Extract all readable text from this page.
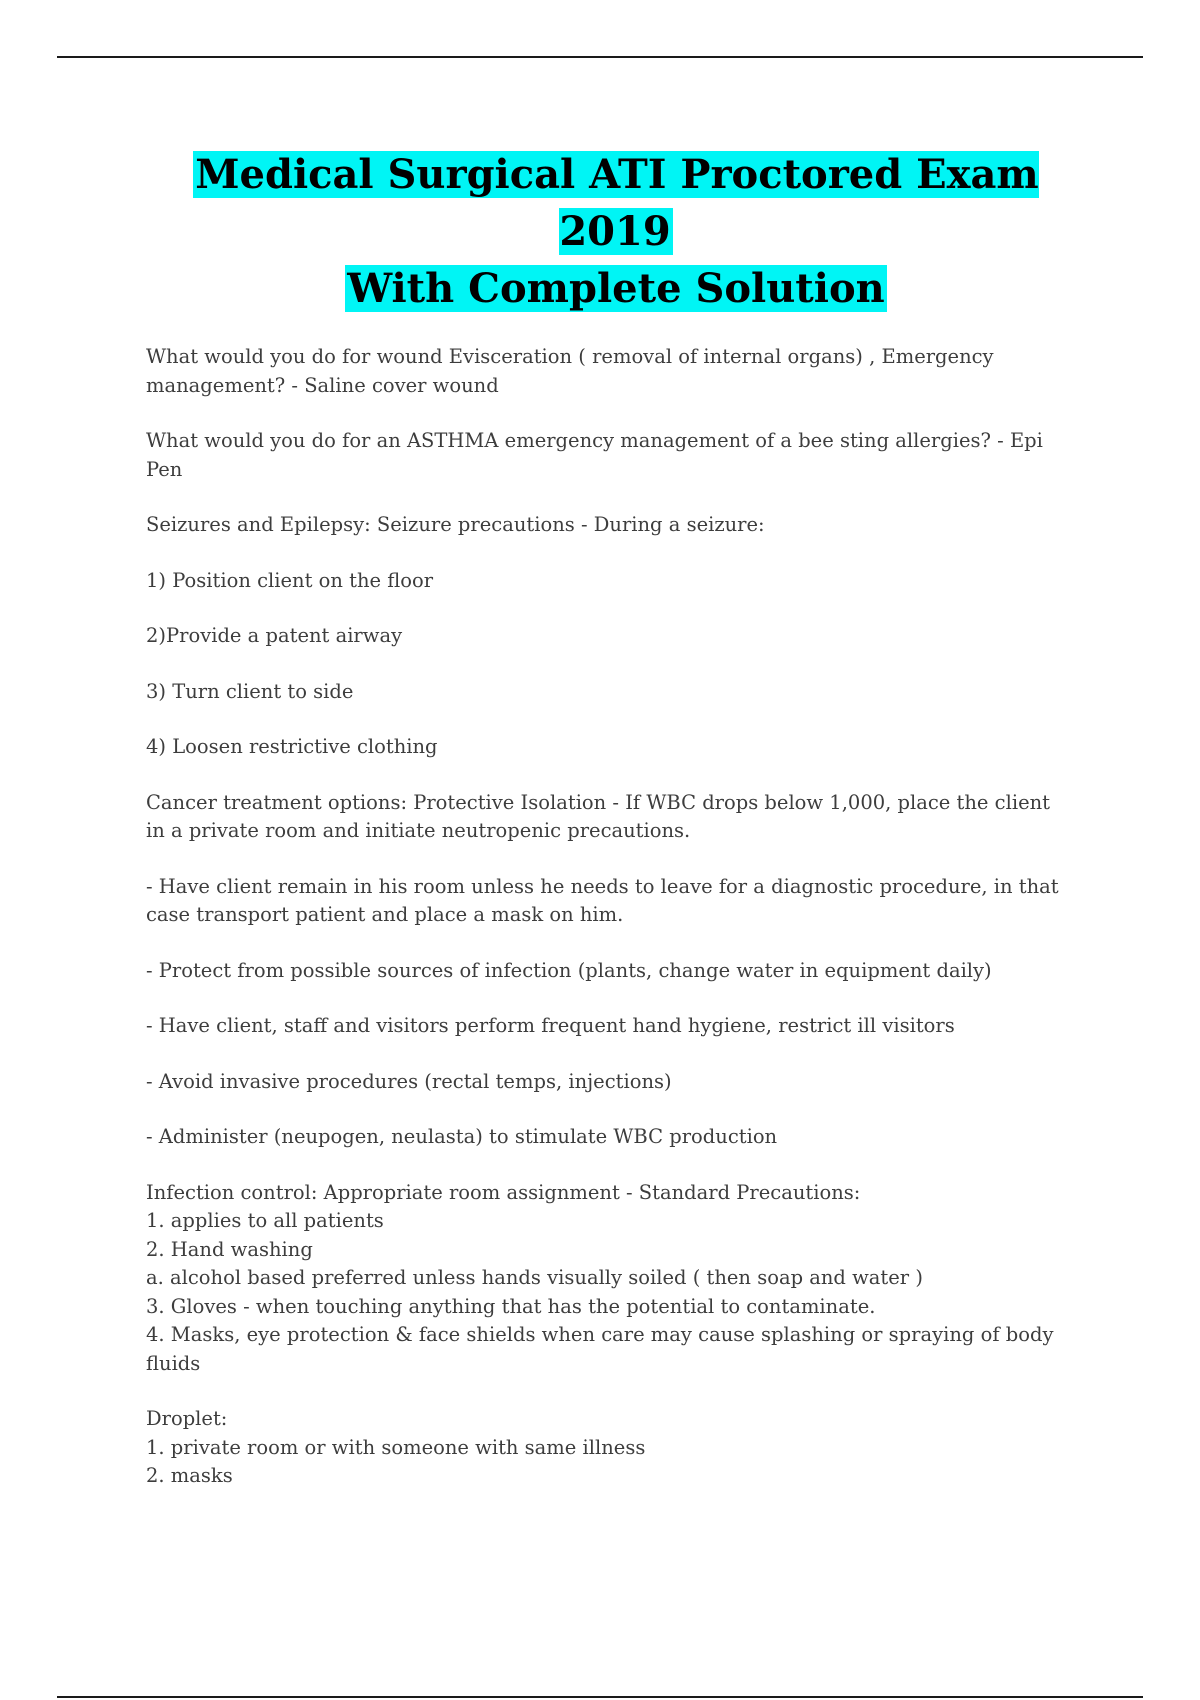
Medical Surgical ATI Proctored Exam 2019
With Complete Solution
What would you do for wound Evisceration ( removal of internal organs) , Emergency
management? - Saline cover wound
What would you do for an ASTHMA emergency management of a bee sting allergies? - Epi
Pen
Seizures and Epilepsy: Seizure precautions - During a seizure:
1) Position client on the floor
2)Provide a patent airway
3) Turn client to side
4) Loosen restrictive clothing
Cancer treatment options: Protective Isolation - If WBC drops below 1,000, place the client
in a private room and initiate neutropenic precautions.
- Have client remain in his room unless he needs to leave for a diagnostic procedure, in that
case transport patient and place a mask on him.
- Protect from possible sources of infection (plants, change water in equipment daily)
- Have client, staff and visitors perform frequent hand hygiene, restrict ill visitors
- Avoid invasive procedures (rectal temps, injections)
- Administer (neupogen, neulasta) to stimulate WBC production
Infection control: Appropriate room assignment - Standard Precautions:
1. applies to all patients
2. Hand washing
a. alcohol based preferred unless hands visually soiled ( then soap and water )
3. Gloves - when touching anything that has the potential to contaminate.
4. Masks, eye protection & face shields when care may cause splashing or spraying of body
fluids
Droplet:
1. private room or with someone with same illness
2. masks
